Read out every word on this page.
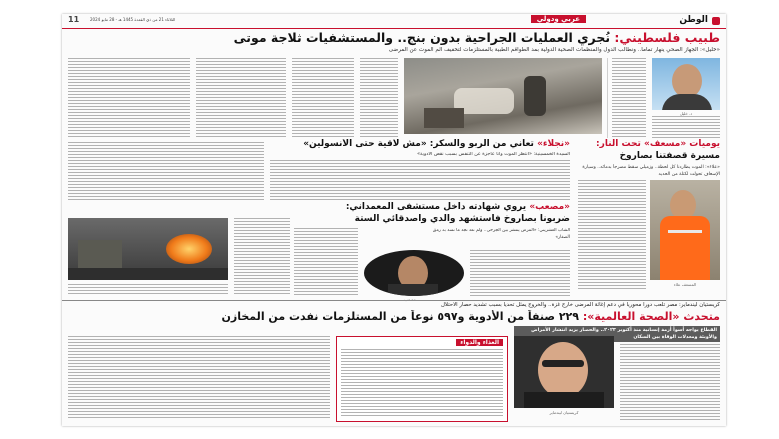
الوطن
عربي ودولي
الثلاثاء 21 من ذي القعدة 1445 هـ - 28 مايو 2024
11
طبيب فلسطيني: نُجري العمليات الجراحية بدون بنج.. والمستشفيات ثلاجة موتى
«خليل»: الجهاز الصحي ينهار تماماً.. ونطالب الدول والمنظمات الصحية الدولية بمد الطواقم الطبية بالمستلزمات لتخفيف ألم الموت عن المرضى
د. خليل
يوميات «مسعف» تحت النار:
مسيرة قصفتنا بصاروخ
«علاء»: الموت يطاردنا كل لحظة.. وزميلي سقط مضرجاً بدمائه.. وسيارة الإسعاف تحولت لكتلة من الحديد
المسعف علاء
«نجلاء» تعاني من الربو والسكر: «مش لاقية حتى الأنسولين»
السيدة الخمسينية: «أنتظر الموت وأنا عاجزة عن التنفس بسبب نقص الأدوية»
«مصعب» يروي شهادته داخل مستشفى المعمداني:
ضربونا بصاروخ فاستشهد والدي وأصدقائي الستة
الشاب العشريني: «المرض ينتشر بين الجرحى.. ولم نعد نجد ما نسد به رمق الصغار»
كريستيان ليندماير: مصر تلعب دوراً محورياً في دعم إغاثة المرضى خارج غزة.. والخروج يمثل تحدياً بسبب تشديد حصار الاحتلال
متحدث «الصحة العالمية»: ٢٢٩ صنفاً من الأدوية و٥٩٧ نوعاً من المستلزمات نفدت من المخازن
القطاع يواجه أسوأ أزمة إنسانية منذ أكتوبر ٢٠٢٣.. والحصار يزيد انتشار الأمراض والأوبئة ومعدلات الوفاة بين السكان
كريستيان ليندماير
الغذاء والدواء
